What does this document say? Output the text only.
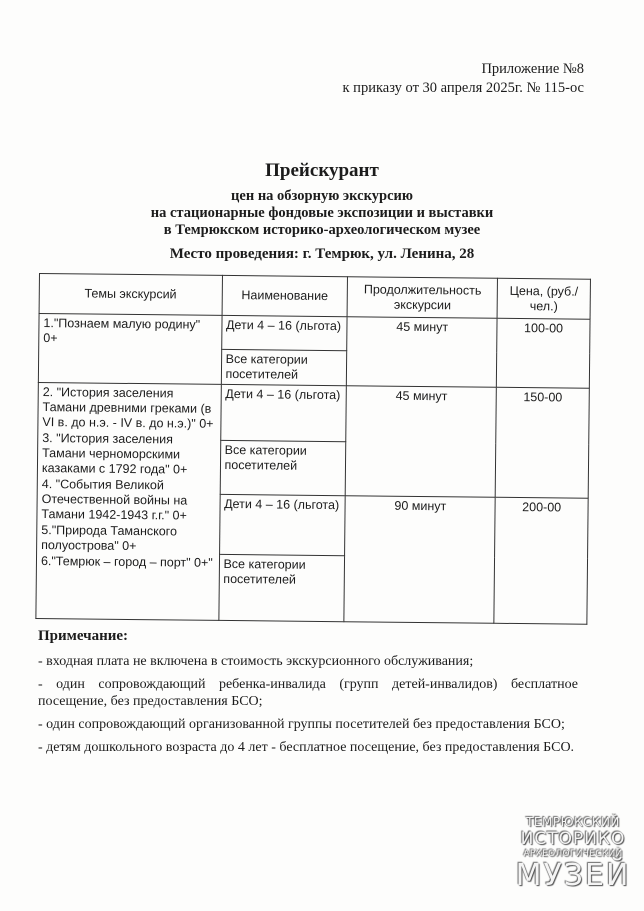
Приложение №8
к приказу от 30 апреля 2025г. № 115-ос
Прейскурант
цен на обзорную экскурсию
на стационарные фондовые экспозиции и выставки
в Темрюкском историко-археологическом музее
Место проведения: г. Темрюк, ул. Ленина, 28
Темы экскурсий	Наименование	Продолжительность экскурсии	Цена, (руб./чел.)

1."Познаем малую родину" 0+	Дети 4 – 16 (льгота)	45 минут	100-00
	Все категории посетителей		

2. "История заселения Тамани древними греками (в VI в. до н.э. - IV в. до н.э.)" 0+
3. "История заселения Тамани черноморскими казаками с 1792 года" 0+
4. "События Великой Отечественной войны на Тамани 1942-1943 г.г." 0+
5."Природа Таманского полуострова" 0+
6."Темрюк – город – порт" 0+"	Дети 4 – 16 (льгота)	45 минут	150-00
	Все категории посетителей		
	Дети 4 – 16 (льгота)	90 минут	200-00
	Все категории посетителей		
Примечание:
- входная плата не включена в стоимость экскурсионного обслуживания;
- один сопровождающий ребенка-инвалида (групп детей-инвалидов) бесплатное посещение, без предоставления БСО;
- один сопровождающий организованной группы посетителей без предоставления БСО;
- детям дошкольного возраста до 4 лет - бесплатное посещение, без предоставления БСО.
ТЕМРЮКСКИЙ
ИСТОРИКО
АРХЕОЛОГИЧЕСКИЙ
МУЗЕЙ
